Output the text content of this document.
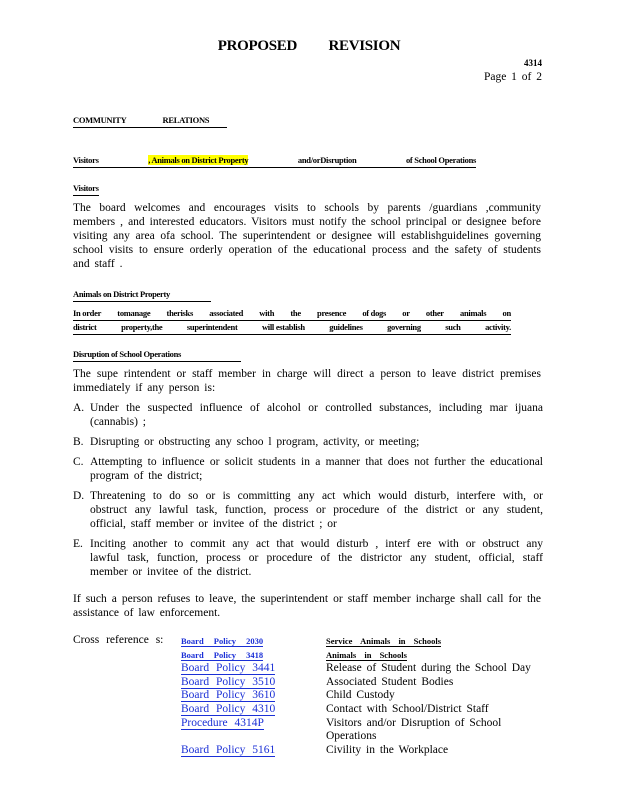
PROPOSED REVISION
4314
Page 1 of 2
COMMUNITY	RELATIONS
Visitors	, Animals on District Property	and/orDisruption	of School Operations
Visitors
The board welcomes and encourages visits to schools by parents /guardians ,community members , and interested educators. Visitors must notify the school principal or designee before visiting any area ofa school. The superintendent or designee will establishguidelines governing school visits to ensure orderly operation of the educational process and the safety of students and staff .
Animals on District Property
In order tomanage therisks associated with the presence of dogs or other animals on
district	property,the	superintendent	will establish	guidelines	governing	such	activity.
Disruption of School Operations
The supe rintendent or staff member in charge will direct a person to leave district premises immediately if any person is:
A. Under the suspected influence of alcohol or controlled substances, including mar ijuana (cannabis) ;
B. Disrupting or obstructing any schoo l program, activity, or meeting;
C. Attempting to influence or solicit students in a manner that does not further the educational program of the district;
D. Threatening to do so or is committing any act which would disturb, interfere with, or obstruct any lawful task, function, process or procedure of the district or any student, official, staff member or invitee of the district ; or
E. Inciting another to commit any act that would disturb , interf ere with or obstruct any lawful task, function, process or procedure of the districtor any student, official, staff member or invitee of the district.
If such a person refuses to leave, the superintendent or staff member incharge shall call for the assistance of law enforcement.
Cross reference s: Board Policy 2030	Service Animals in Schools
Board Policy 3418	Animals in Schools
Board Policy 3441	Release of Student during the School Day
Board Policy 3510	Associated Student Bodies
Board Policy 3610	Child Custody
Board Policy 4310	Contact with School/District Staff
Procedure 4314P	Visitors and/or Disruption of School Operations
Board Policy 5161	Civility in the Workplace
